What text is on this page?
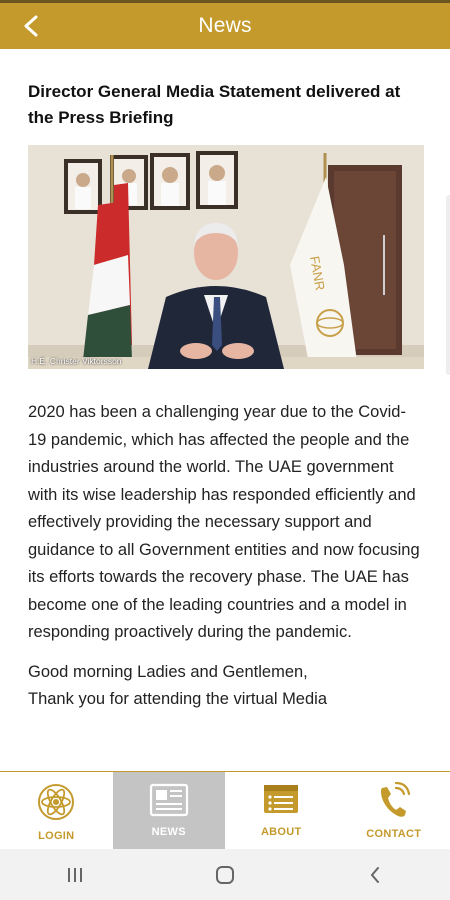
News
Director General Media Statement delivered at the Press Briefing
FANR
H.E. Christer Viktorsson
2020 has been a challenging year due to the Covid-19 pandemic, which has affected the people and the industries around the world. The UAE government with its wise leadership has responded efficiently and effectively providing the necessary support and guidance to all Government entities and now focusing its efforts towards the recovery phase. The UAE has become one of the leading countries and a model in responding proactively during the pandemic.
Good morning Ladies and Gentlemen,
Thank you for attending the virtual Media
LOGIN	NEWS	ABOUT	CONTACT
